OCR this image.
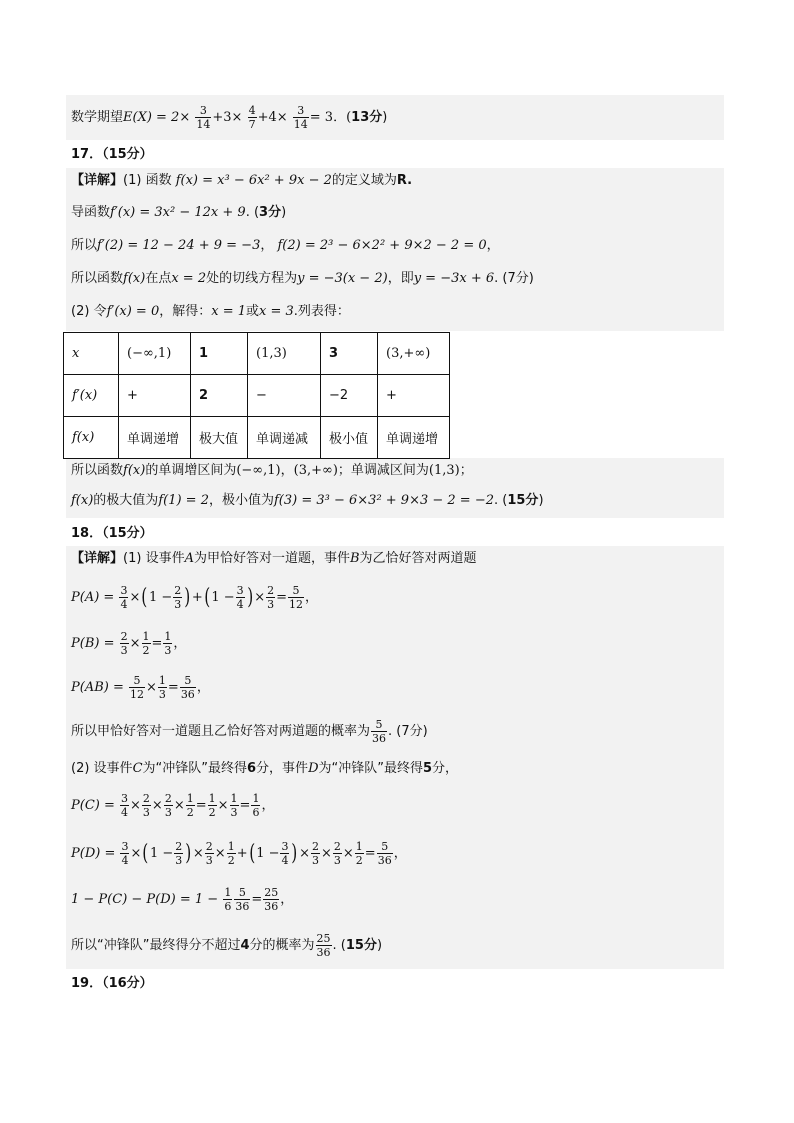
数学期望$E(X) = 2\times \frac{3}{14} +3\times \frac{4}{7} +4\times \frac{3}{14} = 3$．(13分)
17．（15分）
【详解】(1) 函数 f(x) = x³ − 6x² + 9x − 2的定义域为R.
导函数f′(x) = 3x² − 12x + 9. (3分)
所以f′(2) = 12 − 24 + 9 = −3， f(2) = 2³ − 6×2² + 9×2 − 2 = 0，
所以函数f(x)在点x = 2处的切线方程为y = −3(x − 2)，即y = −3x + 6. (7分)
(2) 令f′(x) = 0，解得：x = 1或x = 3.列表得：
x	(−∞,1)	1	(1,3)	3	(3,+∞)
f′(x)	+	2	−	−2	+
f(x)	单调递增	极大值	单调递减	极小值	单调递增
所以函数f(x)的单调增区间为(−∞,1)，(3,+∞)；单调减区间为(1,3)；
f(x)的极大值为f(1) = 2，极小值为f(3) = 3³ − 6×3² + 9×3 − 2 = −2. (15分)
18．（15分）
【详解】(1) 设事件A为甲恰好答对一道题，事件B为乙恰好答对两道题
$P(A) = \frac{3}{4} \times(1 - \frac{2}{3} )+(1 - \frac{3}{4}$ )× $\frac{2}{3} = \frac{5}{12}$ ，
$P(B) = \frac{2}{3} \times \frac{1}{2} = \frac{1}{3}$ ，
$P(AB) = \frac{5}{12} \times \frac{1}{3} = \frac{5}{36}$ ，
所以甲恰好答对一道题且乙恰好答对两道题的概率为 $\frac{5}{36}$ . (7分)
(2) 设事件C为“冲锋队”最终得6分，事件D为“冲锋队”最终得5分，
$P(C) = \frac{3}{4} \times \frac{2}{3} \times \frac{2}{3} \times \frac{1}{2} = \frac{1}{2} \times \frac{1}{3} = \frac{1}{6}$ ，
$P(D) = \frac{3}{4} \times(1 - \frac{2}{3}$ )× $\frac{2}{3} \times \frac{1}{2} +(1 - \frac{3}{4}$ )× $\frac{2}{3} \times \frac{2}{3} \times \frac{1}{2} = \frac{5}{36}$ ，
$1 - P(C) - P(D) = 1 - \frac{1}{6} \frac{5}{36} = \frac{25}{36}$ ，
所以“冲锋队”最终得分不超过4分的概率为 $\frac{25}{36}$ . (15分)
19．（16分）
